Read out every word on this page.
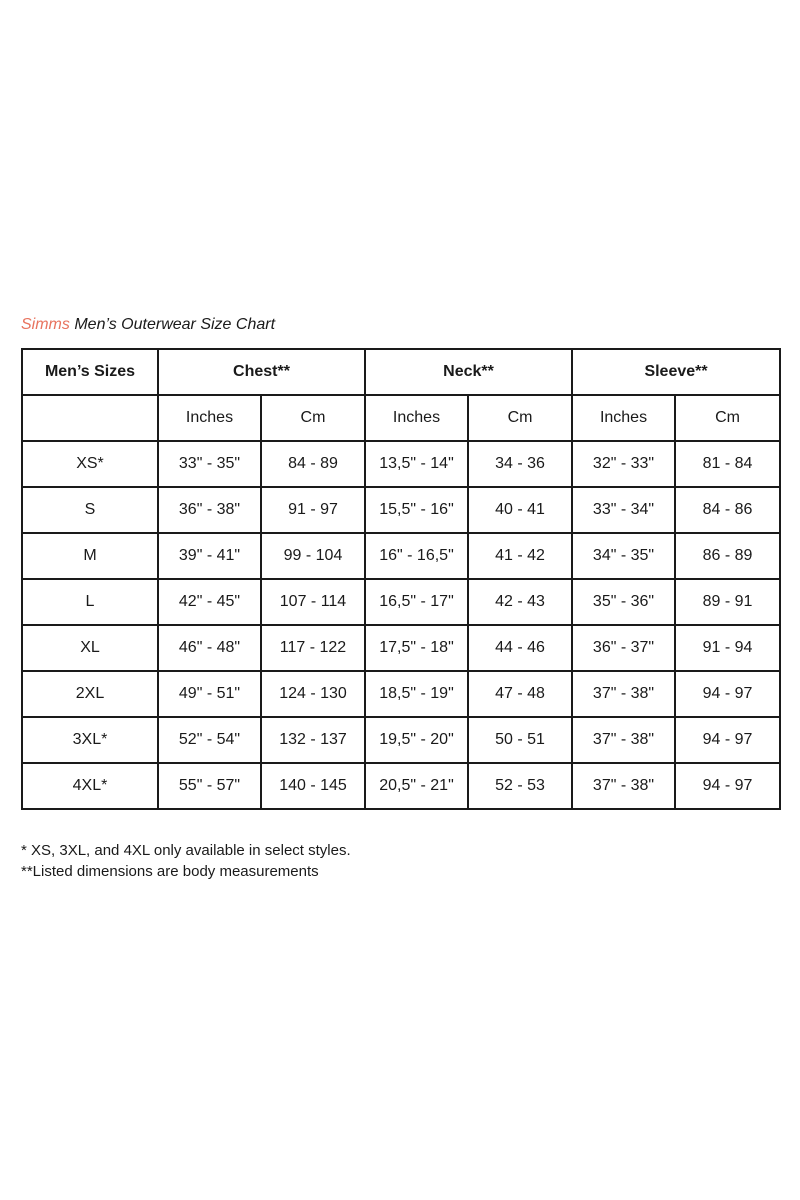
Simms Men’s Outerwear Size Chart
Men’s Sizes	Chest**		Neck**		Sleeve**	
	Inches	Cm	Inches	Cm	Inches	Cm
XS*	33" - 35"	84 - 89	13,5" - 14"	34 - 36	32" - 33"	81 - 84
S	36" - 38"	91 - 97	15,5" - 16"	40 - 41	33" - 34"	84 - 86
M	39" - 41"	99 - 104	16" - 16,5"	41 - 42	34" - 35"	86 - 89
L	42" - 45"	107 - 114	16,5" - 17"	42 - 43	35" - 36"	89 - 91
XL	46" - 48"	117 - 122	17,5" - 18"	44 - 46	36" - 37"	91 - 94
2XL	49" - 51"	124 - 130	18,5" - 19"	47 - 48	37" - 38"	94 - 97
3XL*	52" - 54"	132 - 137	19,5" - 20"	50 - 51	37" - 38"	94 - 97
4XL*	55" - 57"	140 - 145	20,5" - 21"	52 - 53	37" - 38"	94 - 97
* XS, 3XL, and 4XL only available in select styles.
**Listed dimensions are body measurements
